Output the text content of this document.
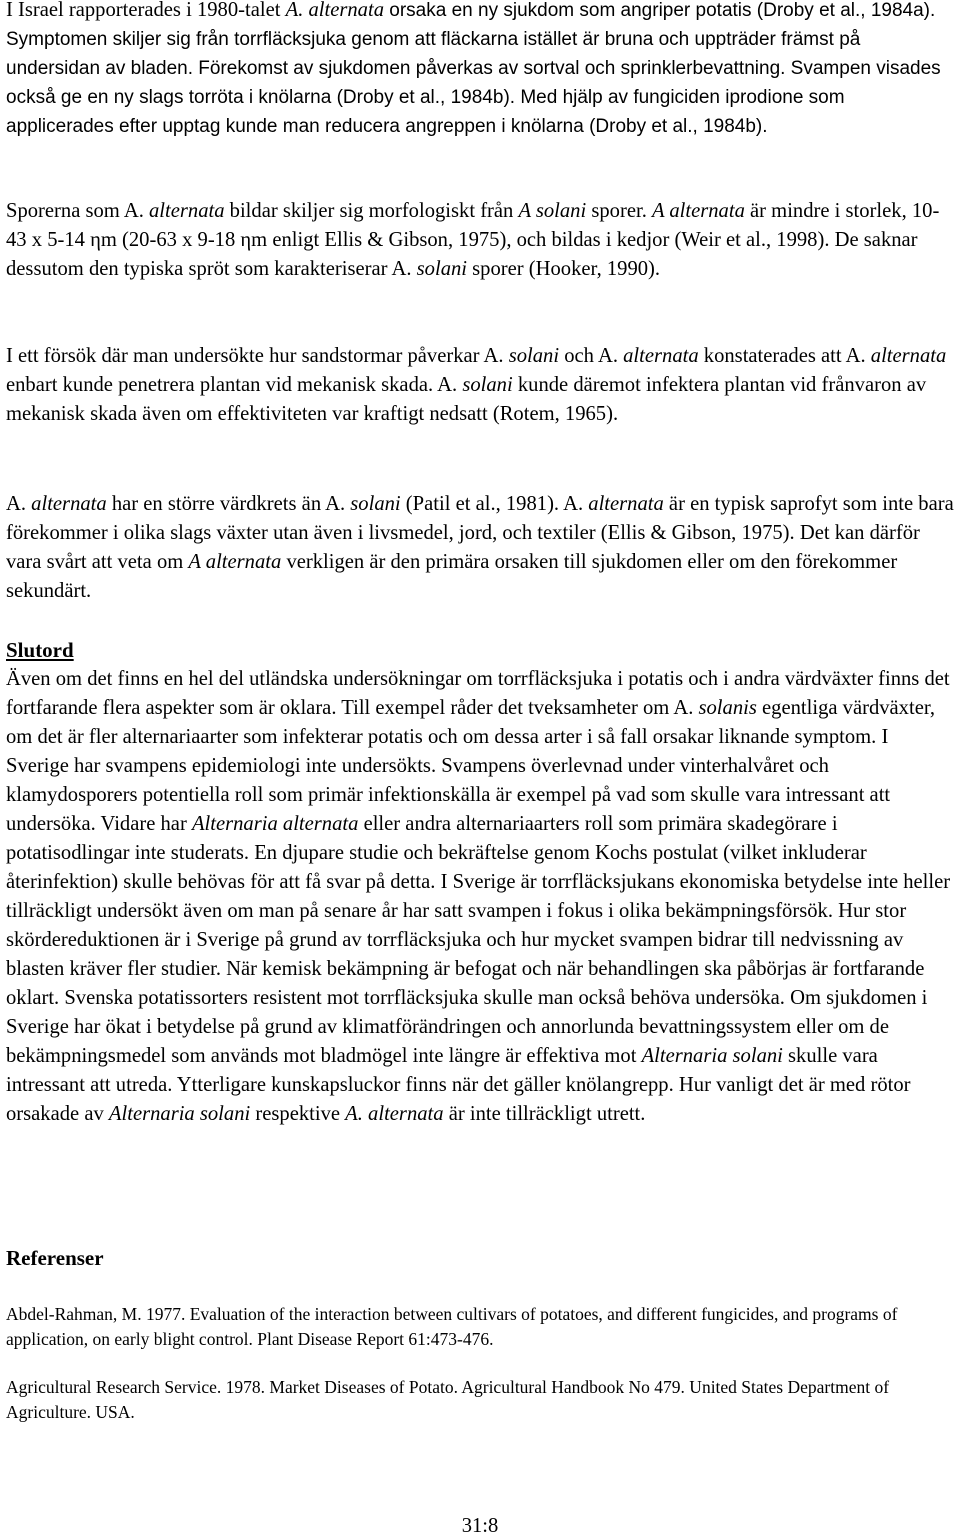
I Israel rapporterades i 1980-talet A. alternata orsaka en ny sjukdom som angriper potatis (Droby et al., 1984a). Symptomen skiljer sig från torrfläcksjuka genom att fläckarna istället är bruna och uppträder främst på undersidan av bladen. Förekomst av sjukdomen påverkas av sortval och sprinklerbevattning. Svampen visades också ge en ny slags torröta i knölarna (Droby et al., 1984b). Med hjälp av fungiciden iprodione som applicerades efter upptag kunde man reducera angreppen i knölarna (Droby et al., 1984b).

Sporerna som A. alternata bildar skiljer sig morfologiskt från A solani sporer. A alternata är mindre i storlek, 10-43 x 5-14 ηm (20-63 x 9-18 ηm enligt Ellis & Gibson, 1975), och bildas i kedjor (Weir et al., 1998). De saknar dessutom den typiska spröt som karakteriserar A. solani sporer (Hooker, 1990).

I ett försök där man undersökte hur sandstormar påverkar A. solani och A. alternata konstaterades att A. alternata enbart kunde penetrera plantan vid mekanisk skada. A. solani kunde däremot infektera plantan vid frånvaron av mekanisk skada även om effektiviteten var kraftigt nedsatt (Rotem, 1965).

A. alternata har en större värdkrets än A. solani (Patil et al., 1981). A. alternata är en typisk saprofyt som inte bara förekommer i olika slags växter utan även i livsmedel, jord, och textiler (Ellis & Gibson, 1975). Det kan därför vara svårt att veta om A alternata verkligen är den primära orsaken till sjukdomen eller om den förekommer sekundärt.

Slutord

Även om det finns en hel del utländska undersökningar om torrfläcksjuka i potatis och i andra värdväxter finns det fortfarande flera aspekter som är oklara. Till exempel råder det tveksamheter om A. solanis egentliga värdväxter, om det är fler alternariaarter som infekterar potatis och om dessa arter i så fall orsakar liknande symptom. I Sverige har svampens epidemiologi inte undersökts. Svampens överlevnad under vinterhalvåret och klamydosporers potentiella roll som primär infektionskälla är exempel på vad som skulle vara intressant att undersöka. Vidare har Alternaria alternata eller andra alternariaarters roll som primära skadegörare i potatisodlingar inte studerats. En djupare studie och bekräftelse genom Kochs postulat (vilket inkluderar återinfektion) skulle behövas för att få svar på detta. I Sverige är torrfläcksjukans ekonomiska betydelse inte heller tillräckligt undersökt även om man på senare år har satt svampen i fokus i olika bekämpningsförsök. Hur stor skördereduktionen är i Sverige på grund av torrfläcksjuka och hur mycket svampen bidrar till nedvissning av blasten kräver fler studier. När kemisk bekämpning är befogat och när behandlingen ska påbörjas är fortfarande oklart. Svenska potatissorters resistent mot torrfläcksjuka skulle man också behöva undersöka. Om sjukdomen i Sverige har ökat i betydelse på grund av klimatförändringen och annorlunda bevattningssystem eller om de bekämpningsmedel som används mot bladmögel inte längre är effektiva mot Alternaria solani skulle vara intressant att utreda. Ytterligare kunskapsluckor finns när det gäller knölangrepp. Hur vanligt det är med rötor orsakade av Alternaria solani respektive A. alternata är inte tillräckligt utrett.

Referenser

Abdel-Rahman, M. 1977. Evaluation of the interaction between cultivars of potatoes, and different fungicides, and programs of application, on early blight control. Plant Disease Report 61:473-476.

Agricultural Research Service. 1978. Market Diseases of Potato. Agricultural Handbook No 479. United States Department of Agriculture. USA.

31:8
